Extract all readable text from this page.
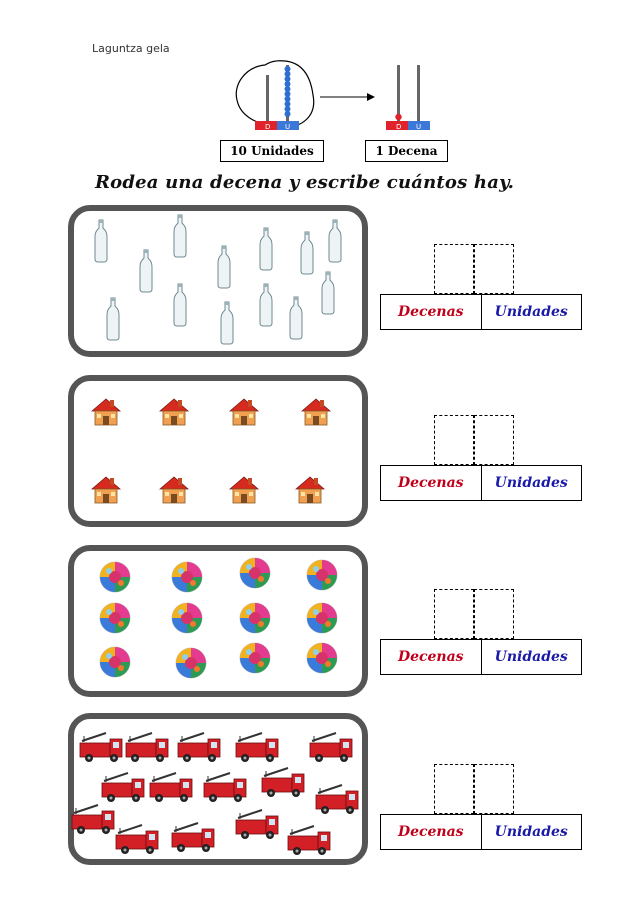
Laguntza gela
D U	D U
10 Unidades	1 Decena
Rodea una decena y escribe cuántos hay.
Decenas	Unidades
Decenas	Unidades
Decenas	Unidades
Decenas	Unidades
